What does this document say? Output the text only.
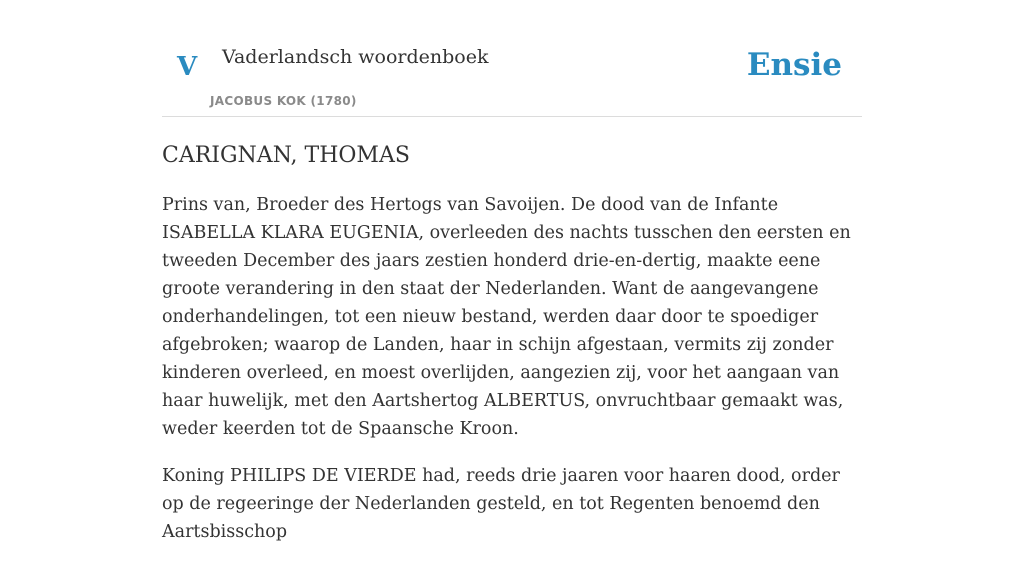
V Vaderlandsch woordenboek
JACOBUS KOK (1780)
Ensie
CARIGNAN, THOMAS

Prins van, Broeder des Hertogs van Savoijen. De dood van de Infante ISABELLA KLARA EUGENIA, overleeden des nachts tusschen den eersten en tweeden December des jaars zestien honderd drie-en-dertig, maakte eene groote verandering in den staat der Nederlanden. Want de aangevangene onderhandelingen, tot een nieuw bestand, werden daar door te spoediger afgebroken; waarop de Landen, haar in schijn afgestaan, vermits zij zonder kinderen overleed, en moest overlijden, aangezien zij, voor het aangaan van haar huwelijk, met den Aartshertog ALBERTUS, onvruchtbaar gemaakt was, weder keerden tot de Spaansche Kroon.

Koning PHILIPS DE VIERDE had, reeds drie jaaren voor haaren dood, order op de regeeringe der Nederlanden gesteld, en tot Regenten benoemd den Aartsbisschop
